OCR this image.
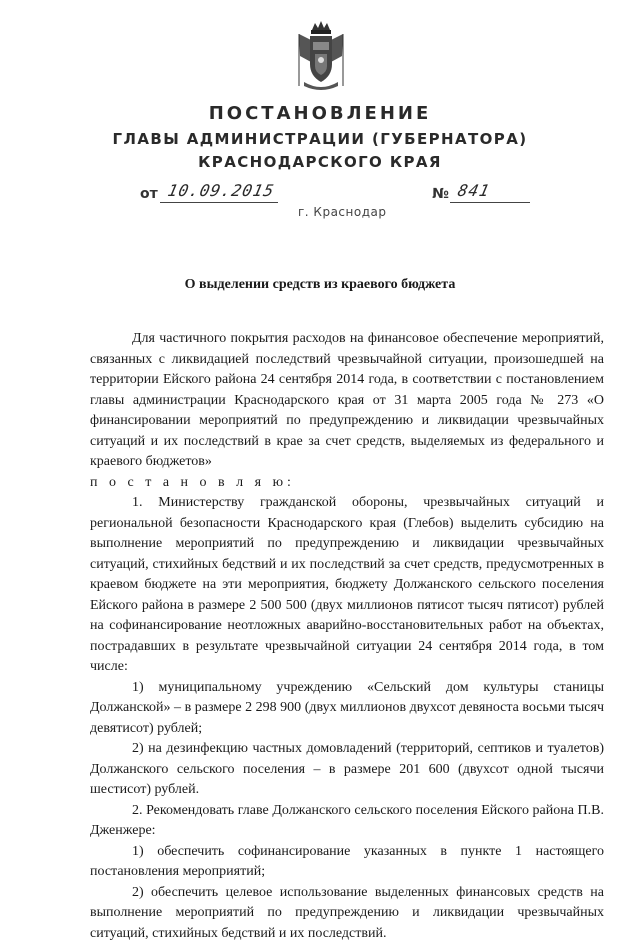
ПОСТАНОВЛЕНИЕ
ГЛАВЫ АДМИНИСТРАЦИИ (ГУБЕРНАТОРА)
КРАСНОДАРСКОГО КРАЯ
от 10.09.2015	№ 841
г. Краснодар
О выделении средств из краевого бюджета

Для частичного покрытия расходов на финансовое обеспечение мероприятий, связанных с ликвидацией последствий чрезвычайной ситуации, произошедшей на территории Ейского района 24 сентября 2014 года, в соответствии с постановлением главы администрации Краснодарского края от 31 марта 2005 года № 273 «О финансировании мероприятий по предупреждению и ликвидации чрезвычайных ситуаций и их последствий в крае за счет средств, выделяемых из федерального и краевого бюджетов»

п о с т а н о в л я ю:

1. Министерству гражданской обороны, чрезвычайных ситуаций и региональной безопасности Краснодарского края (Глебов) выделить субсидию на выполнение мероприятий по предупреждению и ликвидации чрезвычайных ситуаций, стихийных бедствий и их последствий за счет средств, предусмотренных в краевом бюджете на эти мероприятия, бюджету Должанского сельского поселения Ейского района в размере 2 500 500 (двух миллионов пятисот тысяч пятисот) рублей на софинансирование неотложных аварийно-восстановительных работ на объектах, пострадавших в результате чрезвычайной ситуации 24 сентября 2014 года, в том числе:

1) муниципальному учреждению «Сельский дом культуры станицы Должанской» – в размере 2 298 900 (двух миллионов двухсот девяноста восьми тысяч девятисот) рублей;

2) на дезинфекцию частных домовладений (территорий, септиков и туалетов) Должанского сельского поселения – в размере 201 600 (двухсот одной тысячи шестисот) рублей.

2. Рекомендовать главе Должанского сельского поселения Ейского района П.В. Дженжере:

1) обеспечить софинансирование указанных в пункте 1 настоящего постановления мероприятий;

2) обеспечить целевое использование выделенных финансовых средств на выполнение мероприятий по предупреждению и ликвидации чрезвычайных ситуаций, стихийных бедствий и их последствий.
